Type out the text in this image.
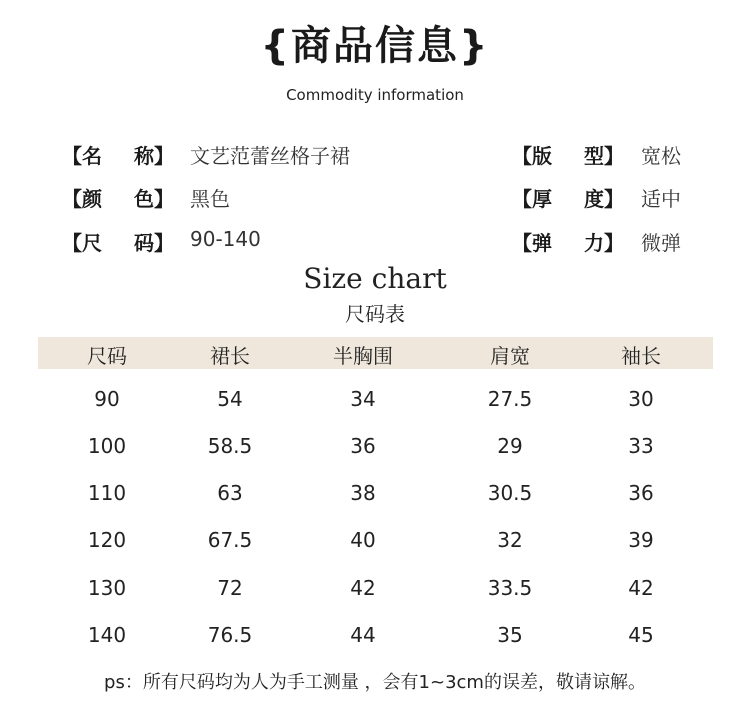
{商品信息}
Commodity information
【名 称】 文艺范蕾丝格子裙	【版 型】 宽松
【颜 色】 黑色	【厚 度】 适中
【尺 码】 90-140	【弹 力】 微弹
Size chart
尺码表
尺码	裙长	半胸围	肩宽	袖长
90	54	34	27.5	30
100	58.5	36	29	33
110	63	38	30.5	36
120	67.5	40	32	39
130	72	42	33.5	42
140	76.5	44	35	45
ps：所有尺码均为人为手工测量 ，会有1~3cm的误差，敬请谅解。
